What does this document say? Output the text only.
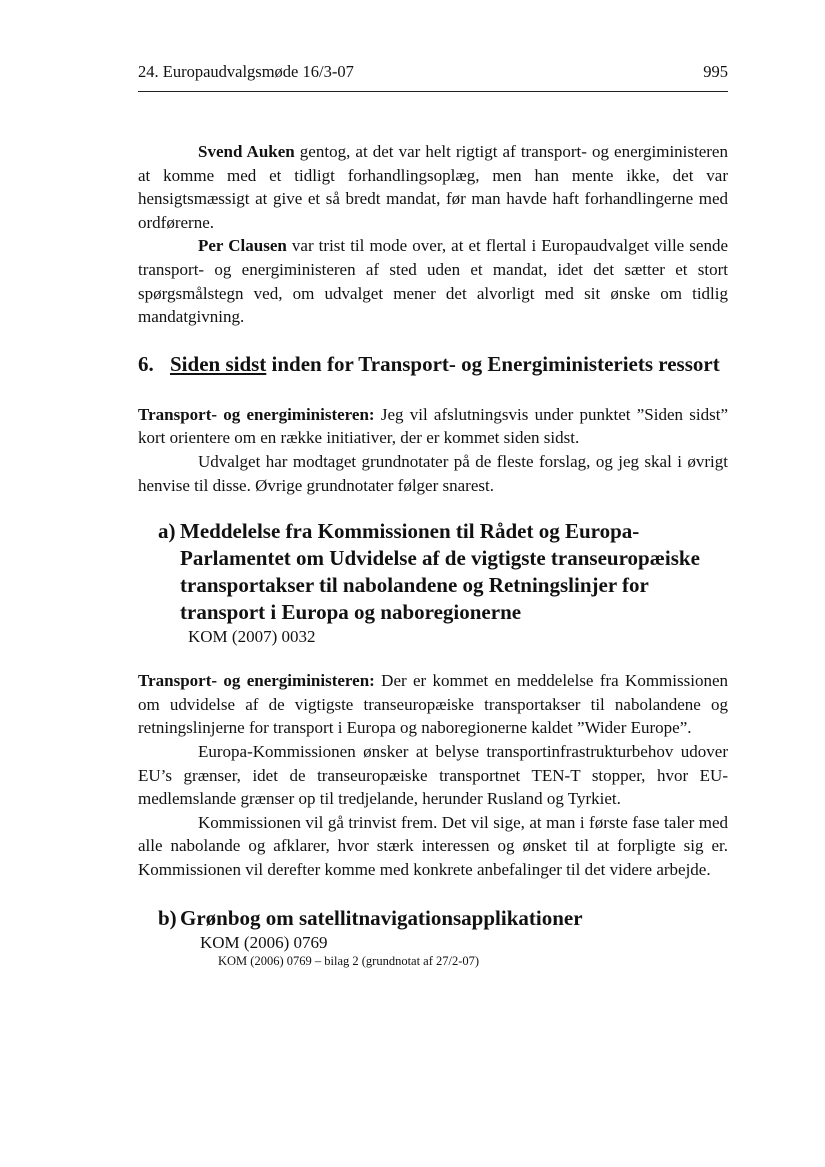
24. Europaudvalgsmøde 16/3-07	995

Svend Auken gentog, at det var helt rigtigt af transport- og energiministeren at komme med et tidligt forhandlingsoplæg, men han mente ikke, det var hensigtsmæssigt at give et så bredt mandat, før man havde haft forhandlingerne med ordførerne.

Per Clausen var trist til mode over, at et flertal i Europaudvalget ville sende transport- og energiministeren af sted uden et mandat, idet det sætter et stort spørgsmålstegn ved, om udvalget mener det alvorligt med sit ønske om tidlig mandatgivning.

6. Siden sidst inden for Transport- og Energiministeriets ressort

Transport- og energiministeren: Jeg vil afslutningsvis under punktet ”Siden sidst” kort orientere om en række initiativer, der er kommet siden sidst.

Udvalget har modtaget grundnotater på de fleste forslag, og jeg skal i øvrigt henvise til disse. Øvrige grundnotater følger snarest.

a) Meddelelse fra Kommissionen til Rådet og Europa-Parlamentet om Udvidelse af de vigtigste transeuropæiske transportakser til nabolandene og Retningslinjer for transport i Europa og naboregionerne
KOM (2007) 0032

Transport- og energiministeren: Der er kommet en meddelelse fra Kommissionen om udvidelse af de vigtigste transeuropæiske transportakser til nabolandene og retningslinjerne for transport i Europa og naboregionerne kaldet ”Wider Europe”.

Europa-Kommissionen ønsker at belyse transportinfrastrukturbehov udover EU’s grænser, idet de transeuropæiske transportnet TEN-T stopper, hvor EU-medlemslande grænser op til tredjelande, herunder Rusland og Tyrkiet.

Kommissionen vil gå trinvist frem. Det vil sige, at man i første fase taler med alle nabolande og afklarer, hvor stærk interessen og ønsket til at forpligte sig er. Kommissionen vil derefter komme med konkrete anbefalinger til det videre arbejde.

b) Grønbog om satellitnavigationsapplikationer
KOM (2006) 0769
KOM (2006) 0769 – bilag 2 (grundnotat af 27/2-07)
